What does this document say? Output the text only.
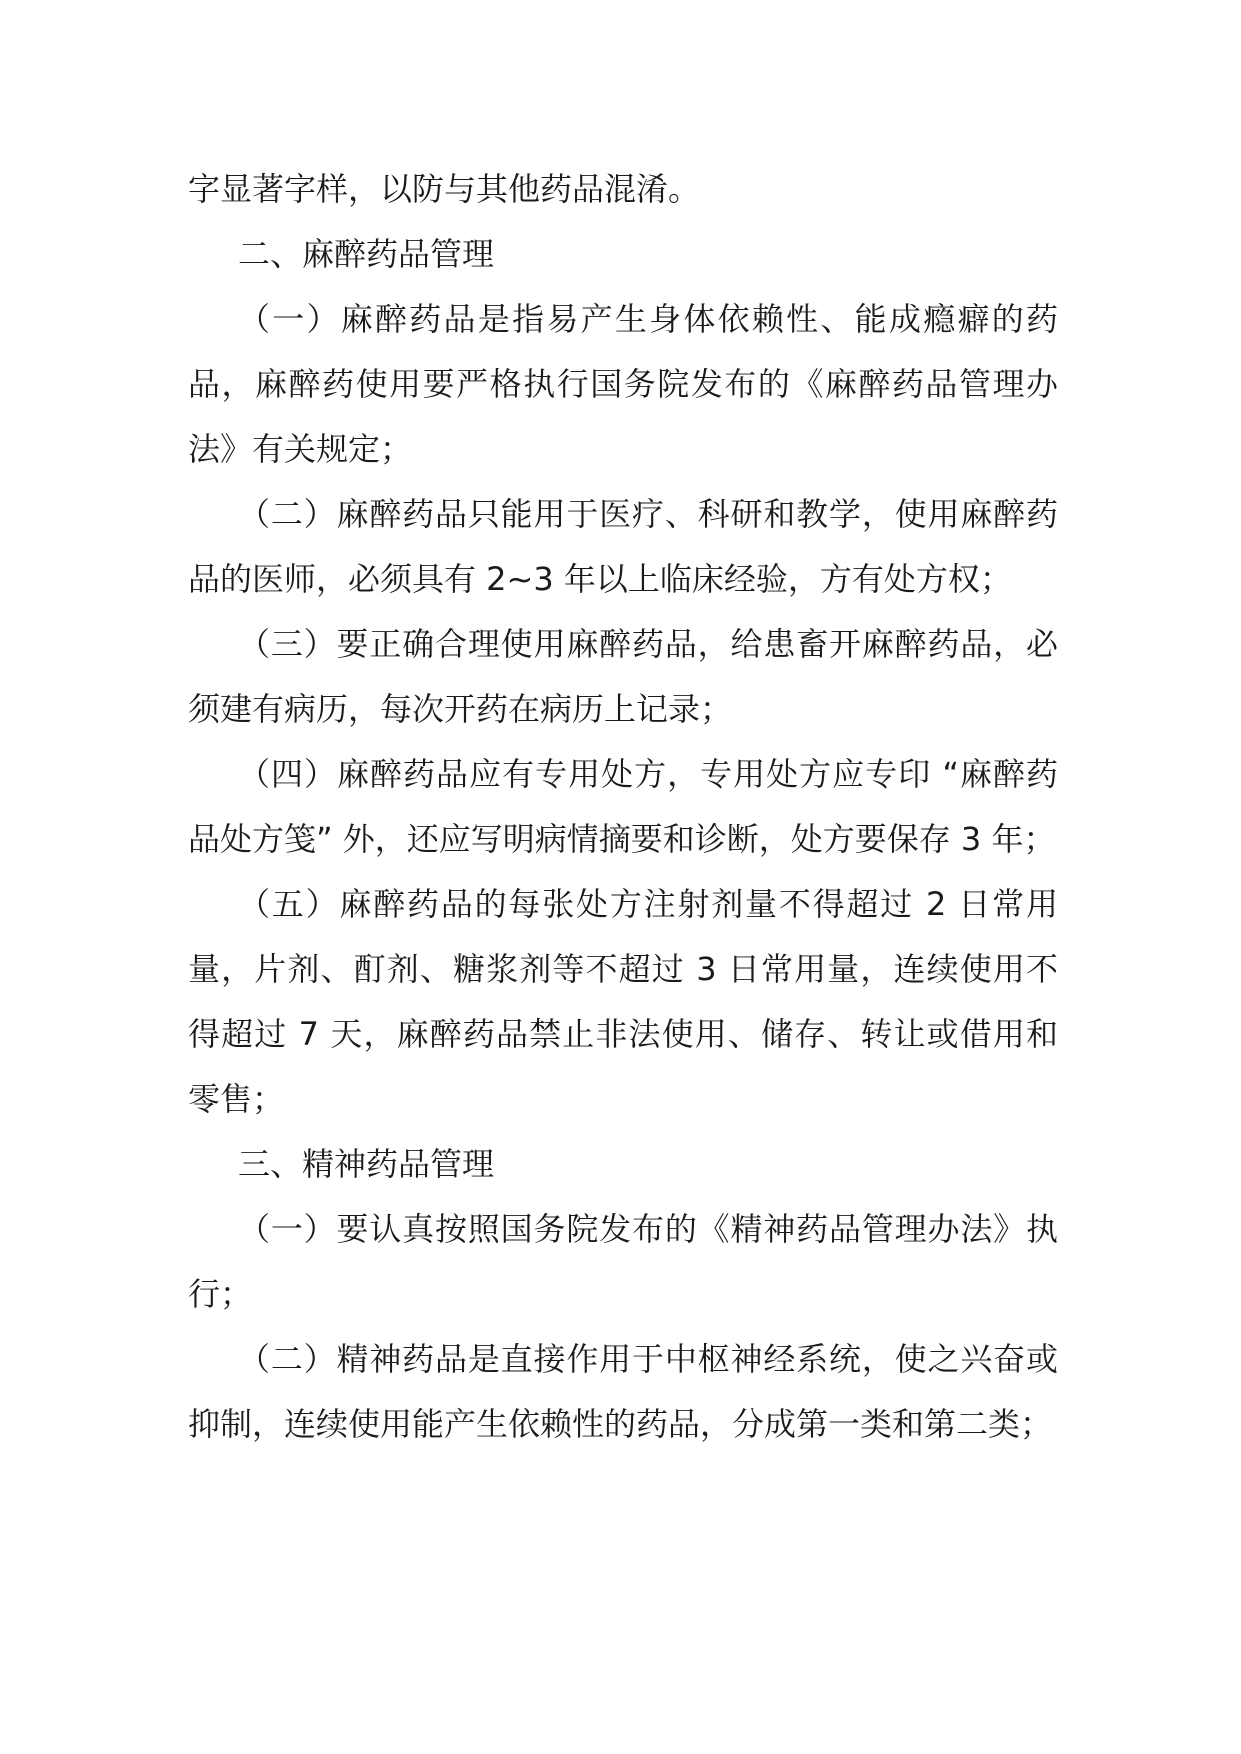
字显著字样，以防与其他药品混淆。

二、麻醉药品管理

（一）麻醉药品是指易产生身体依赖性、能成瘾癖的药品，麻醉药使用要严格执行国务院发布的《麻醉药品管理办法》有关规定；

（二）麻醉药品只能用于医疗、科研和教学，使用麻醉药品的医师，必须具有 2~3 年以上临床经验，方有处方权；

（三）要正确合理使用麻醉药品，给患畜开麻醉药品，必须建有病历，每次开药在病历上记录；

（四）麻醉药品应有专用处方，专用处方应专印 “麻醉药品处方笺” 外，还应写明病情摘要和诊断，处方要保存 3 年；

（五）麻醉药品的每张处方注射剂量不得超过 2 日常用量，片剂、酊剂、糖浆剂等不超过 3 日常用量，连续使用不得超过 7 天，麻醉药品禁止非法使用、储存、转让或借用和零售；

三、精神药品管理

（一）要认真按照国务院发布的《精神药品管理办法》执行；

（二）精神药品是直接作用于中枢神经系统，使之兴奋或抑制，连续使用能产生依赖性的药品，分成第一类和第二类；
